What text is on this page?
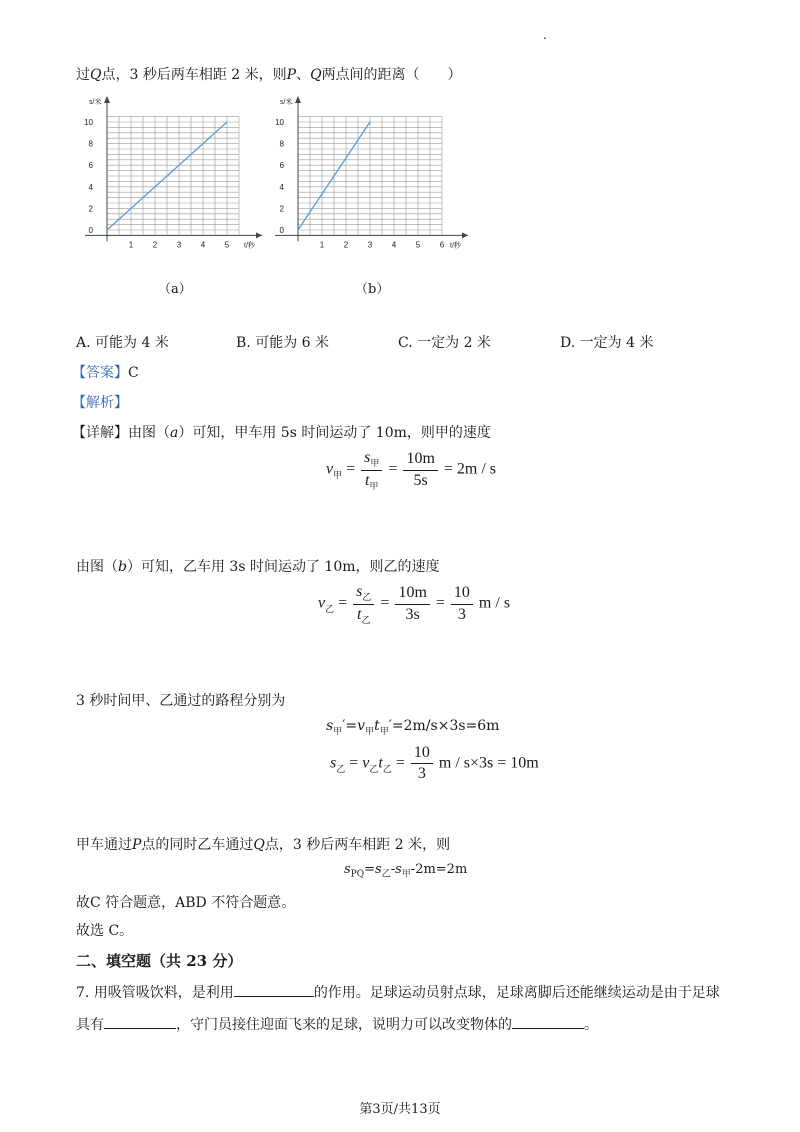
.
过Q点，3 秒后两车相距 2 米，则P、Q两点间的距离（　　）
0
2
4
6
8
10
1 2 3 4 5
s/米
t/秒
（a）
0
2
4
6
8
10
1 2 3 4 5 6
s/米
t/秒
（b）
A. 可能为 4 米	B. 可能为 6 米	C. 一定为 2 米	D. 一定为 4 米
【答案】C
【解析】
【详解】由图（a）可知，甲车用 5s 时间运动了 10m，则甲的速度
$v_甲 = \frac{s_甲}{t_甲} = \frac{10m}{5s} = 2m / s$
由图（b）可知，乙车用 3s 时间运动了 10m，则乙的速度
$v_乙 = \frac{s_乙}{t_乙} = \frac{10m}{3s} = \frac{10}{3}$ m / s
3 秒时间甲、乙通过的路程分别为
$s_甲'=v_甲t_甲'=2m/s\times 3s=6m$
$s_乙 = v_乙t_乙 = \frac{10}{3}$ m / s×3s = 10m
甲车通过P点的同时乙车通过Q点，3 秒后两车相距 2 米，则
$s_{PQ}=s_乙-s_甲-2m=2m$
故C 符合题意，ABD 不符合题意。
故选 C。
二、填空题（共 23 分）
7. 用吸管吸饮料，是利用	的作用。足球运动员射点球，足球离脚后还能继续运动是由于足球
具有	，守门员接住迎面飞来的足球，说明力可以改变物体的	。
第3页/共13页
